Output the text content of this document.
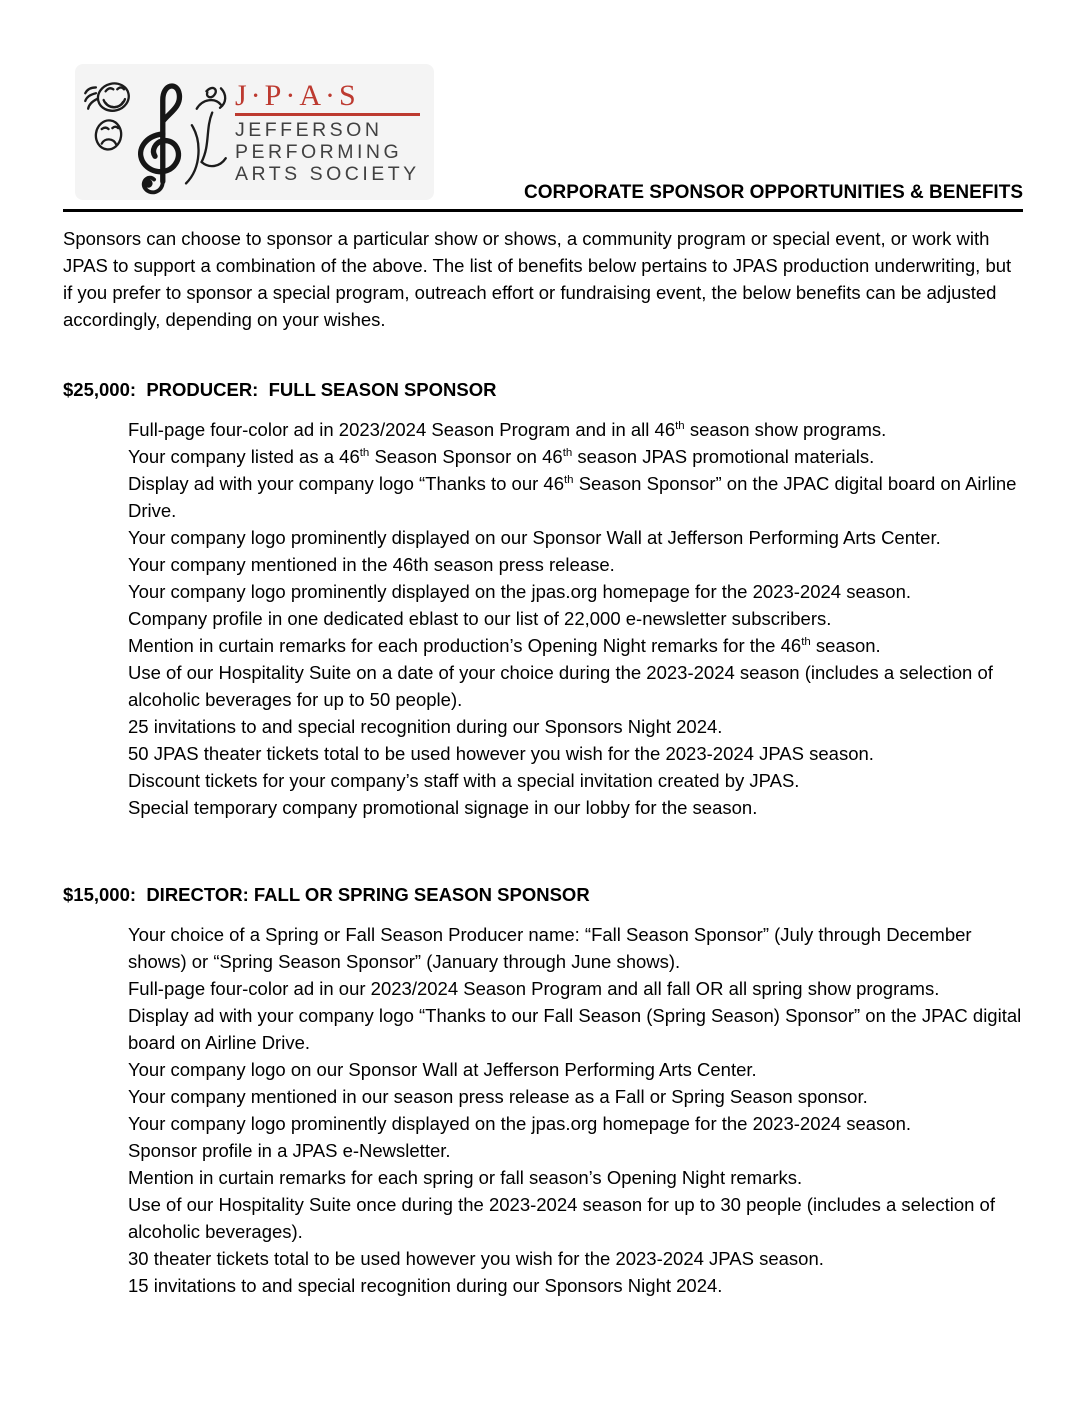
J·P·A·S
JEFFERSON
PERFORMING
ARTS SOCIETY
CORPORATE SPONSOR OPPORTUNITIES & BENEFITS

Sponsors can choose to sponsor a particular show or shows, a community program or special event, or work with JPAS to support a combination of the above. The list of benefits below pertains to JPAS production underwriting, but if you prefer to sponsor a special program, outreach effort or fundraising event, the below benefits can be adjusted accordingly, depending on your wishes.

$25,000:  PRODUCER:  FULL SEASON SPONSOR

Full-page four-color ad in 2023/2024 Season Program and in all 46th season show programs.

Your company listed as a 46th Season Sponsor on 46th season JPAS promotional materials.

Display ad with your company logo “Thanks to our 46th Season Sponsor” on the JPAC digital board on Airline Drive.

Your company logo prominently displayed on our Sponsor Wall at Jefferson Performing Arts Center.

Your company mentioned in the 46th season press release.

Your company logo prominently displayed on the jpas.org homepage for the 2023-2024 season.

Company profile in one dedicated eblast to our list of 22,000 e-newsletter subscribers.

Mention in curtain remarks for each production’s Opening Night remarks for the 46th season.

Use of our Hospitality Suite on a date of your choice during the 2023-2024 season (includes a selection of alcoholic beverages for up to 50 people).

25 invitations to and special recognition during our Sponsors Night 2024.

50 JPAS theater tickets total to be used however you wish for the 2023-2024 JPAS season.

Discount tickets for your company’s staff with a special invitation created by JPAS.

Special temporary company promotional signage in our lobby for the season.

$15,000:  DIRECTOR: FALL OR SPRING SEASON SPONSOR

Your choice of a Spring or Fall Season Producer name: “Fall Season Sponsor” (July through December shows) or “Spring Season Sponsor” (January through June shows).

Full-page four-color ad in our 2023/2024 Season Program and all fall OR all spring show programs.

Display ad with your company logo “Thanks to our Fall Season (Spring Season) Sponsor” on the JPAC digital board on Airline Drive.

Your company logo on our Sponsor Wall at Jefferson Performing Arts Center.

Your company mentioned in our season press release as a Fall or Spring Season sponsor.

Your company logo prominently displayed on the jpas.org homepage for the 2023-2024 season.

Sponsor profile in a JPAS e-Newsletter.

Mention in curtain remarks for each spring or fall season’s Opening Night remarks.

Use of our Hospitality Suite once during the 2023-2024 season for up to 30 people (includes a selection of alcoholic beverages).

30 theater tickets total to be used however you wish for the 2023-2024 JPAS season.

15 invitations to and special recognition during our Sponsors Night 2024.
